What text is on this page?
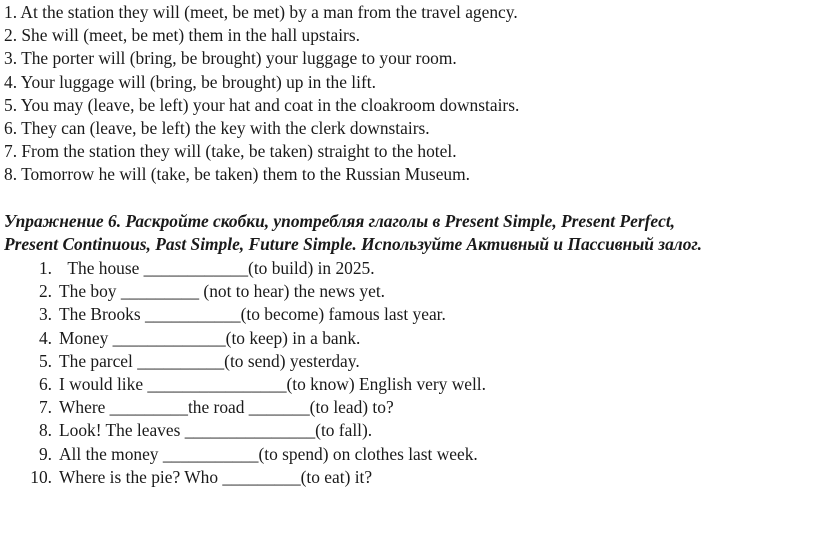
1. At the station they will (meet, be met) by a man from the travel agency.
2. She will (meet, be met) them in the hall upstairs.
3. The porter will (bring, be brought) your luggage to your room.
4. Your luggage will (bring, be brought) up in the lift.
5. You may (leave, be left) your hat and coat in the cloakroom downstairs.
6. They can (leave, be left) the key with the clerk downstairs.
7. From the station they will (take, be taken) straight to the hotel.
8. Tomorrow he will (take, be taken) them to the Russian Museum.
Упражнение 6. Раскройте скобки, употребляя глаголы в Present Simple, Present Perfect,
Present Continuous, Past Simple, Future Simple. Используйте Активный и Пассивный залог.
1. The house ____________(to build) in 2025.
2. The boy _________ (not to hear) the news yet.
3. The Brooks ___________(to become) famous last year.
4. Money _____________(to keep) in a bank.
5. The parcel __________(to send) yesterday.
6. I would like ________________(to know) English very well.
7. Where _________the road _______(to lead) to?
8. Look! The leaves _______________(to fall).
9. All the money ___________(to spend) on clothes last week.
10. Where is the pie? Who _________(to eat) it?
